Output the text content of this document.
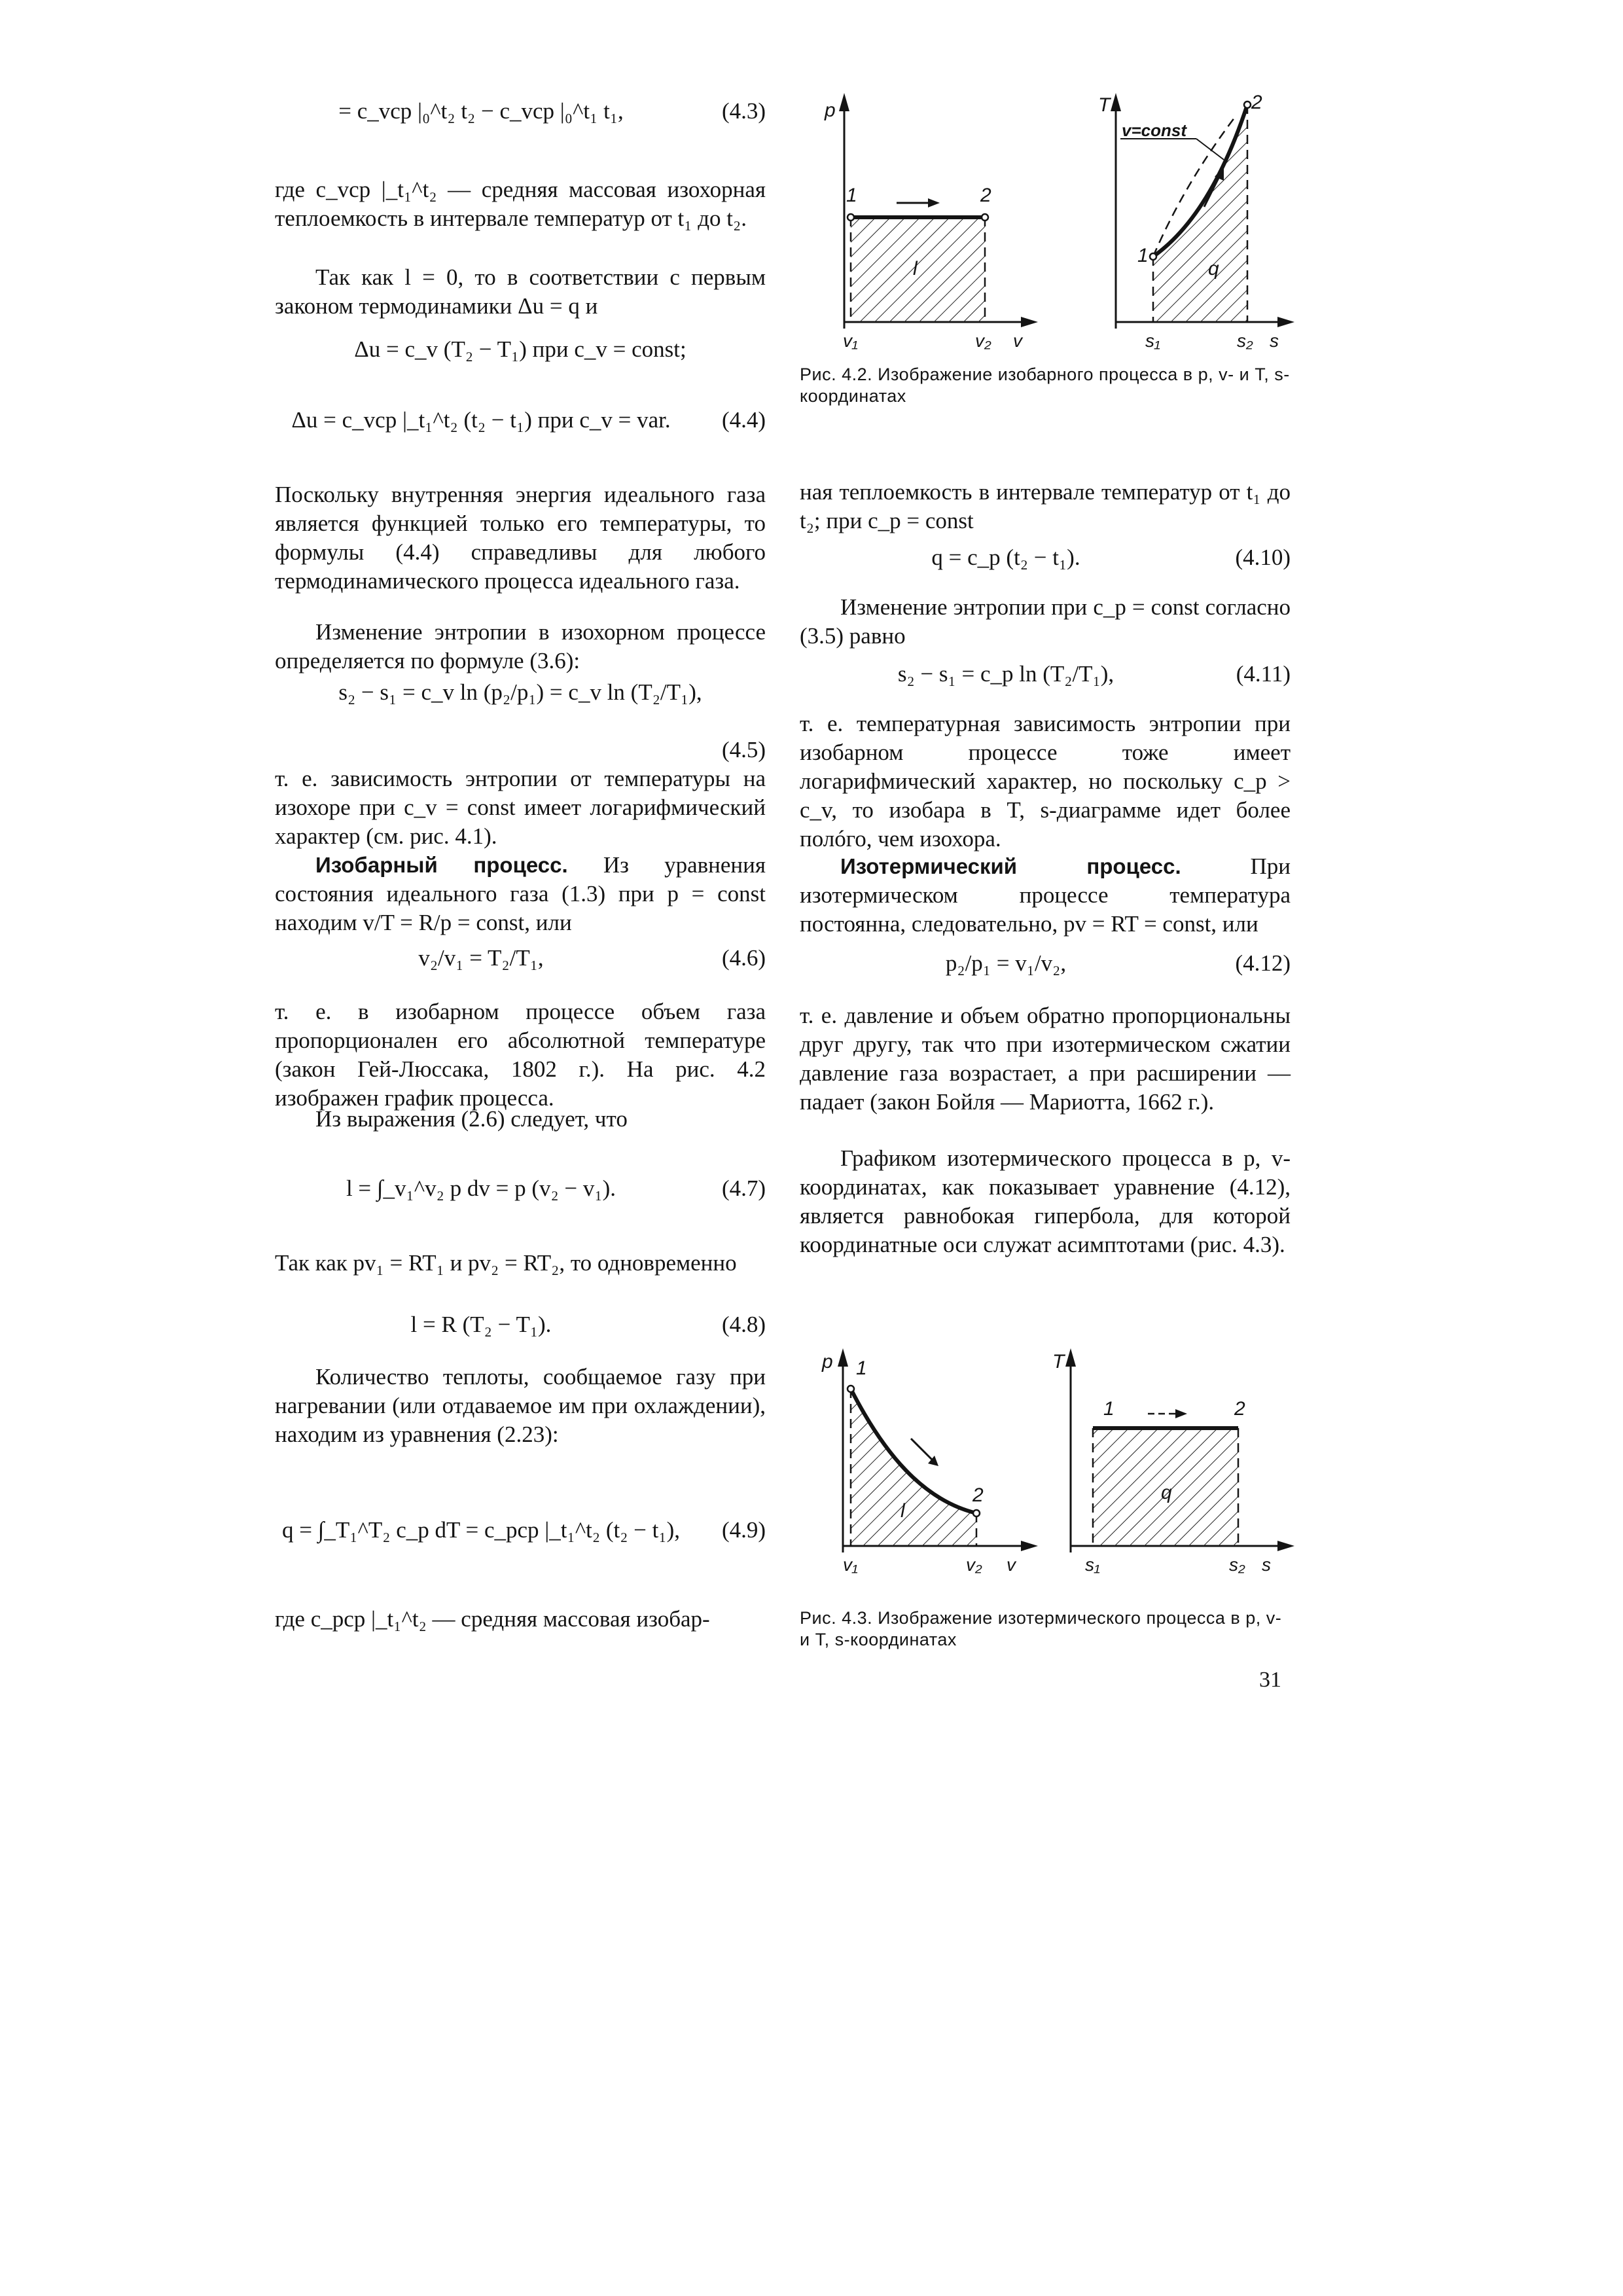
= c_vср |₀^t₂ t₂ − c_vср |₀^t₁ t₁,	(4.3)

где c_vср |_t₁^t₂ — средняя массовая изохорная теплоемкость в интервале температур от t₁ до t₂.

Так как l = 0, то в соответствии с первым законом термодинамики Δu = q и

Δu = c_v (T₂ − T₁) при c_v = const;
Δu = c_vср |_t₁^t₂ (t₂ − t₁) при c_v = var.	(4.4)

Поскольку внутренняя энергия идеального газа является функцией только его температуры, то формулы (4.4) справедливы для любого термодинамического процесса идеального газа.

Изменение энтропии в изохорном процессе определяется по формуле (3.6):

s₂ − s₁ = c_v ln (p₂/p₁) = c_v ln (T₂/T₁),
(4.5)

т. е. зависимость энтропии от температуры на изохоре при c_v = const имеет логарифмический характер (см. рис. 4.1).

Изобарный процесс. Из уравнения состояния идеального газа (1.3) при p = const находим v/T = R/p = const, или

v₂/v₁ = T₂/T₁,	(4.6)

т. е. в изобарном процессе объем газа пропорционален его абсолютной температуре (закон Гей-Люссака, 1802 г.). На рис. 4.2 изображен график процесса.

Из выражения (2.6) следует, что

l = ∫_v₁^v₂ p dv = p (v₂ − v₁).	(4.7)

Так как pv₁ = RT₁ и pv₂ = RT₂, то одновременно

l = R (T₂ − T₁).	(4.8)

Количество теплоты, сообщаемое газу при нагревании (или отдаваемое им при охлаждении), находим из уравнения (2.23):

q = ∫_T₁^T₂ c_p dT = c_pср |_t₁^t₂ (t₂ − t₁),	(4.9)

где c_pср |_t₁^t₂ — средняя массовая изобар-

ная теплоемкость в интервале температур от t₁ до t₂; при c_p = const

q = c_p (t₂ − t₁).	(4.10)

Изменение энтропии при c_p = const согласно (3.5) равно

s₂ − s₁ = c_p ln (T₂/T₁),	(4.11)

т. е. температурная зависимость энтропии при изобарном процессе тоже имеет логарифмический характер, но поскольку c_p > c_v, то изобара в T, s-диаграмме идет более полóго, чем изохора.

Изотермический процесс. При изотермическом процессе температура постоянна, следовательно, pv = RT = const, или

p₂/p₁ = v₁/v₂,	(4.12)

т. е. давление и объем обратно пропорциональны друг другу, так что при изотермическом сжатии давление газа возрастает, а при расширении — падает (закон Бойля — Мариотта, 1662 г.).

Графиком изотермического процесса в p, v-координатах, как показывает уравнение (4.12), является равнобокая гипербола, для которой координатные оси служат асимптотами (рис. 4.3).

p
1	2
l
v₁	v₂ v
T
v=const
2
1
q
s₁	s₂ s
Рис. 4.2. Изображение изобарного процесса в p, v- и T, s-координатах
p 1
2
l
v₁	v₂ v
T
1	2
q
s₁	s₂ s
Рис. 4.3. Изображение изотермического процесса в p, v- и T, s-координатах
31
